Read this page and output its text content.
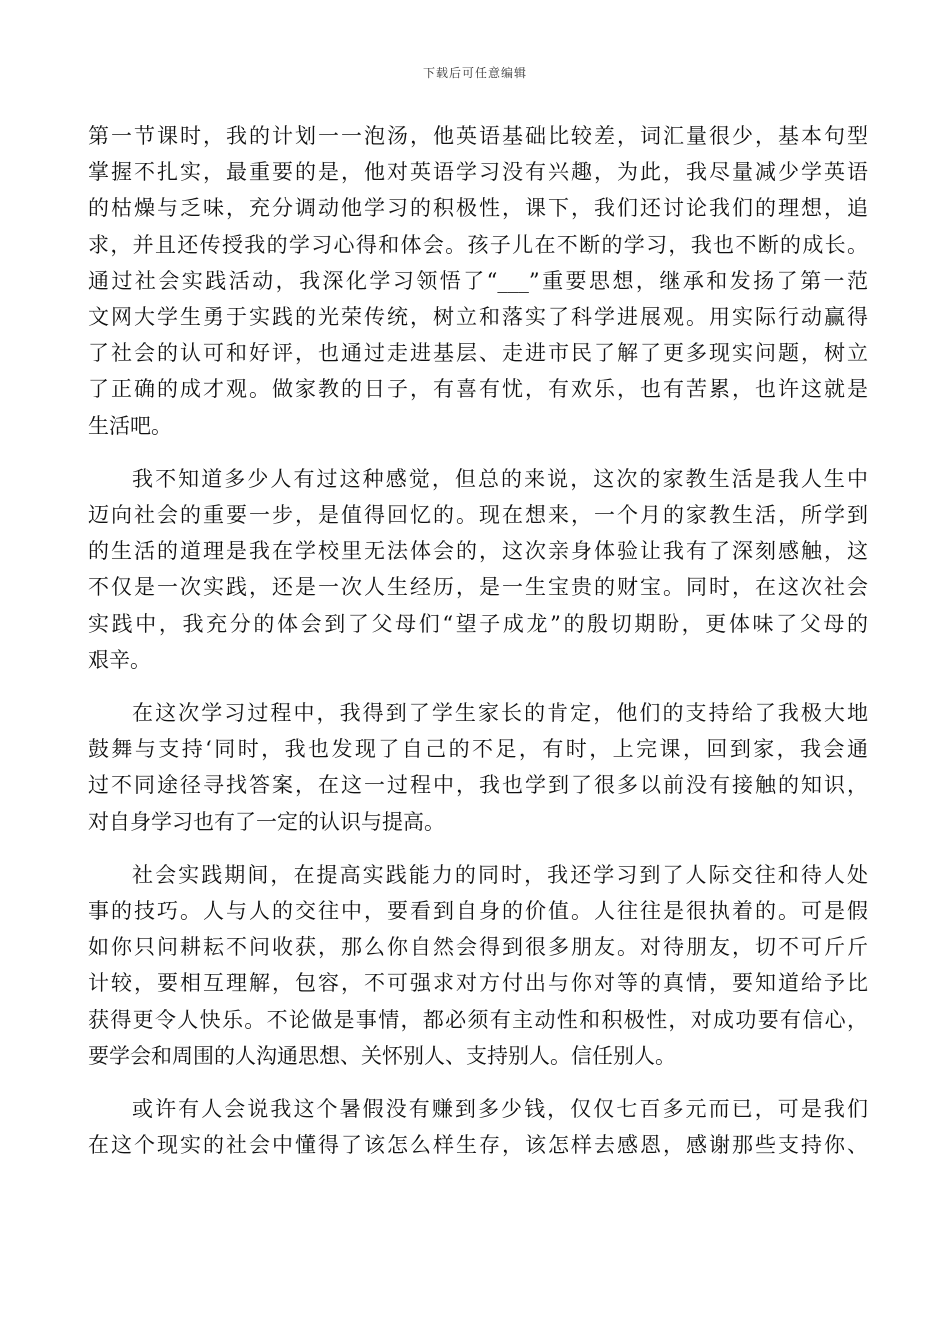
下载后可任意编辑
第一节课时，我的计划一一泡汤，他英语基础比较差，词汇量很少，基本句型
掌握不扎实，最重要的是，他对英语学习没有兴趣，为此，我尽量减少学英语
的枯燥与乏味，充分调动他学习的积极性，课下，我们还讨论我们的理想，追
求，并且还传授我的学习心得和体会。孩子儿在不断的学习，我也不断的成长。
通过社会实践活动，我深化学习领悟了“___”重要思想，继承和发扬了第一范
文网大学生勇于实践的光荣传统，树立和落实了科学进展观。用实际行动赢得
了社会的认可和好评，也通过走进基层、走进市民了解了更多现实问题，树立
了正确的成才观。做家教的日子，有喜有忧，有欢乐，也有苦累，也许这就是
生活吧。
我不知道多少人有过这种感觉，但总的来说，这次的家教生活是我人生中
迈向社会的重要一步，是值得回忆的。现在想来，一个月的家教生活，所学到
的生活的道理是我在学校里无法体会的，这次亲身体验让我有了深刻感触，这
不仅是一次实践，还是一次人生经历，是一生宝贵的财宝。同时，在这次社会
实践中，我充分的体会到了父母们“望子成龙”的殷切期盼，更体味了父母的
艰辛。
在这次学习过程中，我得到了学生家长的肯定，他们的支持给了我极大地
鼓舞与支持‘同时，我也发现了自己的不足，有时，上完课，回到家，我会通
过不同途径寻找答案，在这一过程中，我也学到了很多以前没有接触的知识，
对自身学习也有了一定的认识与提高。
社会实践期间，在提高实践能力的同时，我还学习到了人际交往和待人处
事的技巧。人与人的交往中，要看到自身的价值。人往往是很执着的。可是假
如你只问耕耘不问收获，那么你自然会得到很多朋友。对待朋友，切不可斤斤
计较，要相互理解，包容，不可强求对方付出与你对等的真情，要知道给予比
获得更令人快乐。不论做是事情，都必须有主动性和积极性，对成功要有信心，
要学会和周围的人沟通思想、关怀别人、支持别人。信任别人。
或许有人会说我这个暑假没有赚到多少钱，仅仅七百多元而已，可是我们
在这个现实的社会中懂得了该怎么样生存，该怎样去感恩，感谢那些支持你、
